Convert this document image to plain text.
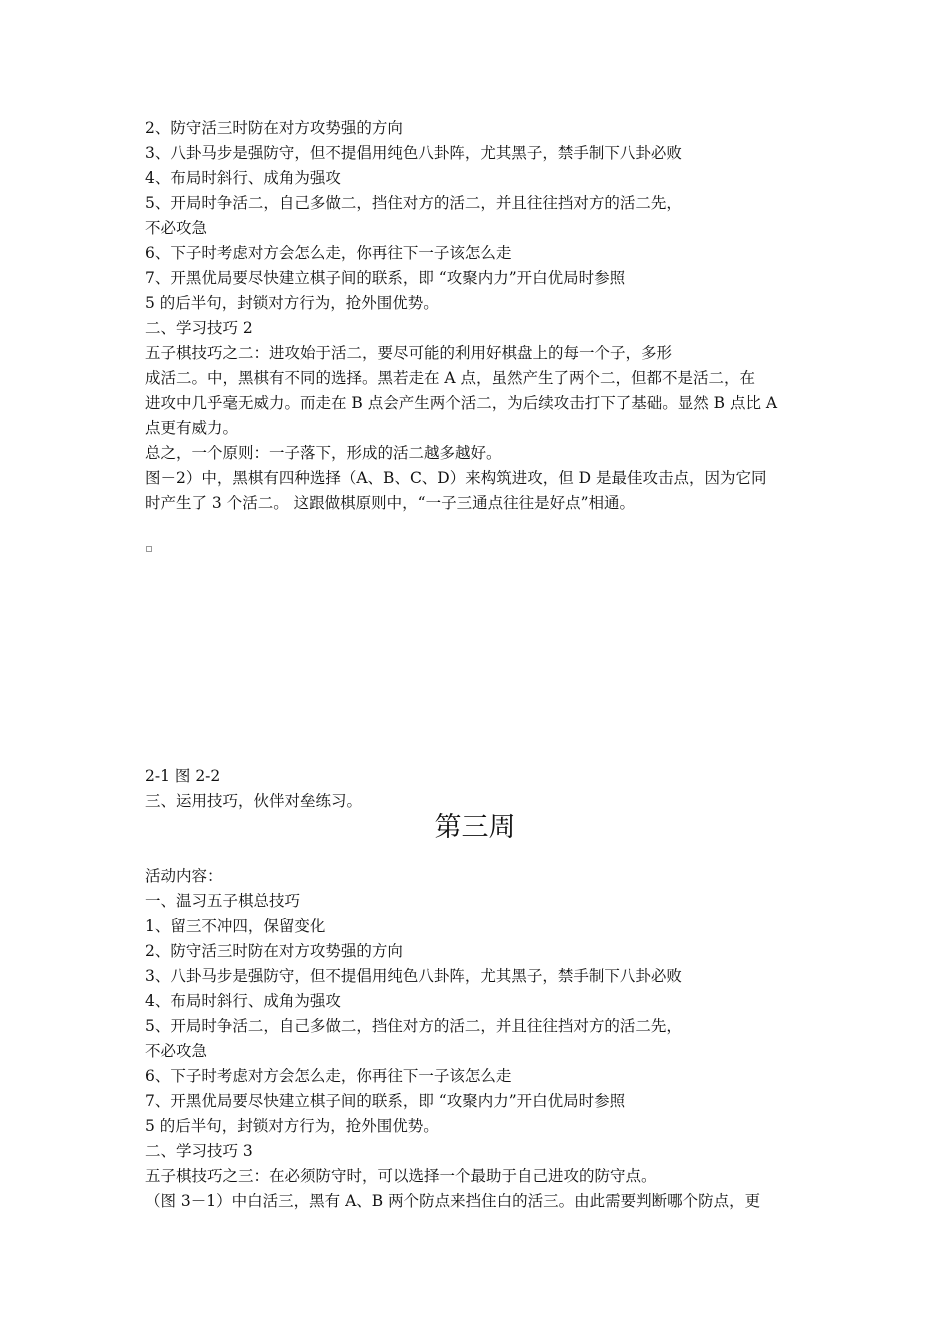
2、防守活三时防在对方攻势强的方向
3、八卦马步是强防守，但不提倡用纯色八卦阵，尤其黑子，禁手制下八卦必败
4、布局时斜行、成角为强攻
5、开局时争活二，自己多做二，挡住对方的活二，并且往往挡对方的活二先，
不必攻急
6、下子时考虑对方会怎么走，你再往下一子该怎么走
7、开黑优局要尽快建立棋子间的联系，即 “攻聚内力”开白优局时参照
5 的后半句，封锁对方行为，抢外围优势。
二、学习技巧 2
五子棋技巧之二：进攻始于活二，要尽可能的利用好棋盘上的每一个子，多形
成活二。中，黑棋有不同的选择。黑若走在 A 点，虽然产生了两个二，但都不是活二，在
进攻中几乎毫无威力。而走在 B 点会产生两个活二，为后续攻击打下了基础。显然 B 点比 A
点更有威力。
总之，一个原则：一子落下，形成的活二越多越好。
图－2）中，黑棋有四种选择（A、B、C、D）来构筑进攻，但 D 是最佳攻击点，因为它同
时产生了 3 个活二。 这跟做棋原则中，“一子三通点往往是好点”相通。
2-1 图 2-2
三、运用技巧，伙伴对垒练习。
第三周
活动内容：
一、温习五子棋总技巧
1、留三不冲四，保留变化
2、防守活三时防在对方攻势强的方向
3、八卦马步是强防守，但不提倡用纯色八卦阵，尤其黑子，禁手制下八卦必败
4、布局时斜行、成角为强攻
5、开局时争活二，自己多做二，挡住对方的活二，并且往往挡对方的活二先，
不必攻急
6、下子时考虑对方会怎么走，你再往下一子该怎么走
7、开黑优局要尽快建立棋子间的联系，即 “攻聚内力”开白优局时参照
5 的后半句，封锁对方行为，抢外围优势。
二、学习技巧 3
五子棋技巧之三：在必须防守时，可以选择一个最助于自己进攻的防守点。
（图 3－1）中白活三，黑有 A、B 两个防点来挡住白的活三。由此需要判断哪个防点，更
